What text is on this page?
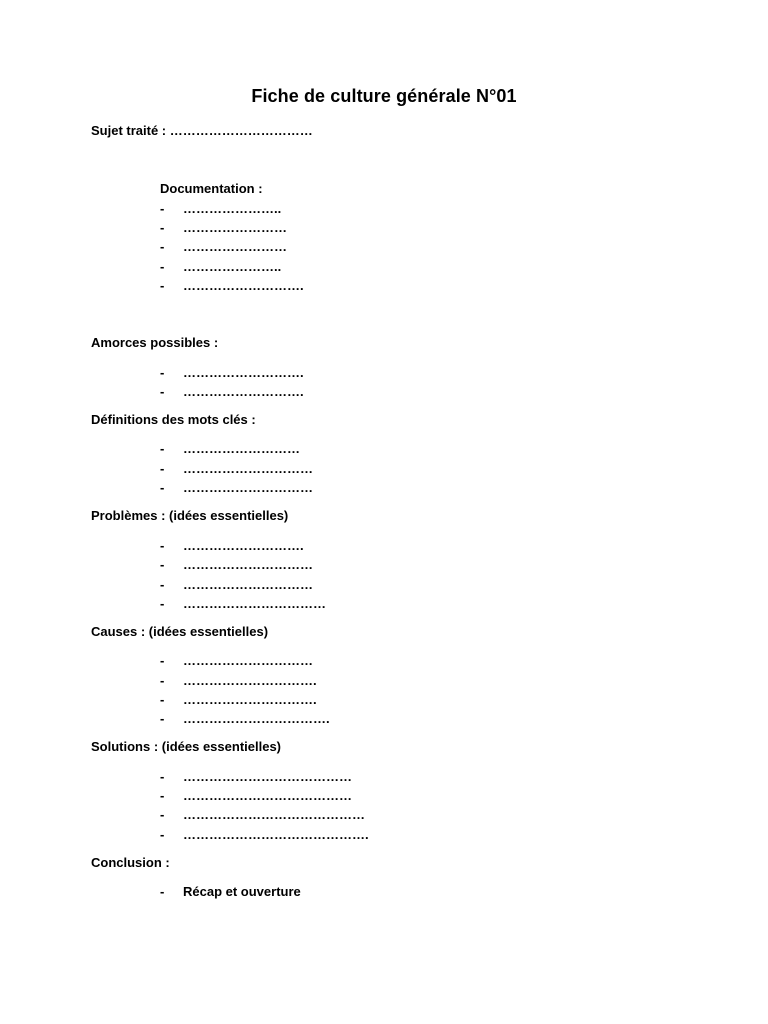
Fiche de culture générale N°01
Sujet traité : ……………………………
Documentation :
- …………………..
- ……………………
- ……………………
- …………………..
- ……………………….
Amorces possibles :
- ……………………….
- ……………………….
Définitions des mots clés :
- ………………………
- …………………………
- …………………………
Problèmes : (idées essentielles)
- ……………………….
- …………………………
- …………………………
- ……………………………
Causes : (idées essentielles)
- …………………………
- ………………………….
- ………………………….
- …………………………….
Solutions : (idées essentielles)
- …………………………………
- …………………………………
- ……………………………………
- …………………………………….
Conclusion :
- Récap et ouverture
